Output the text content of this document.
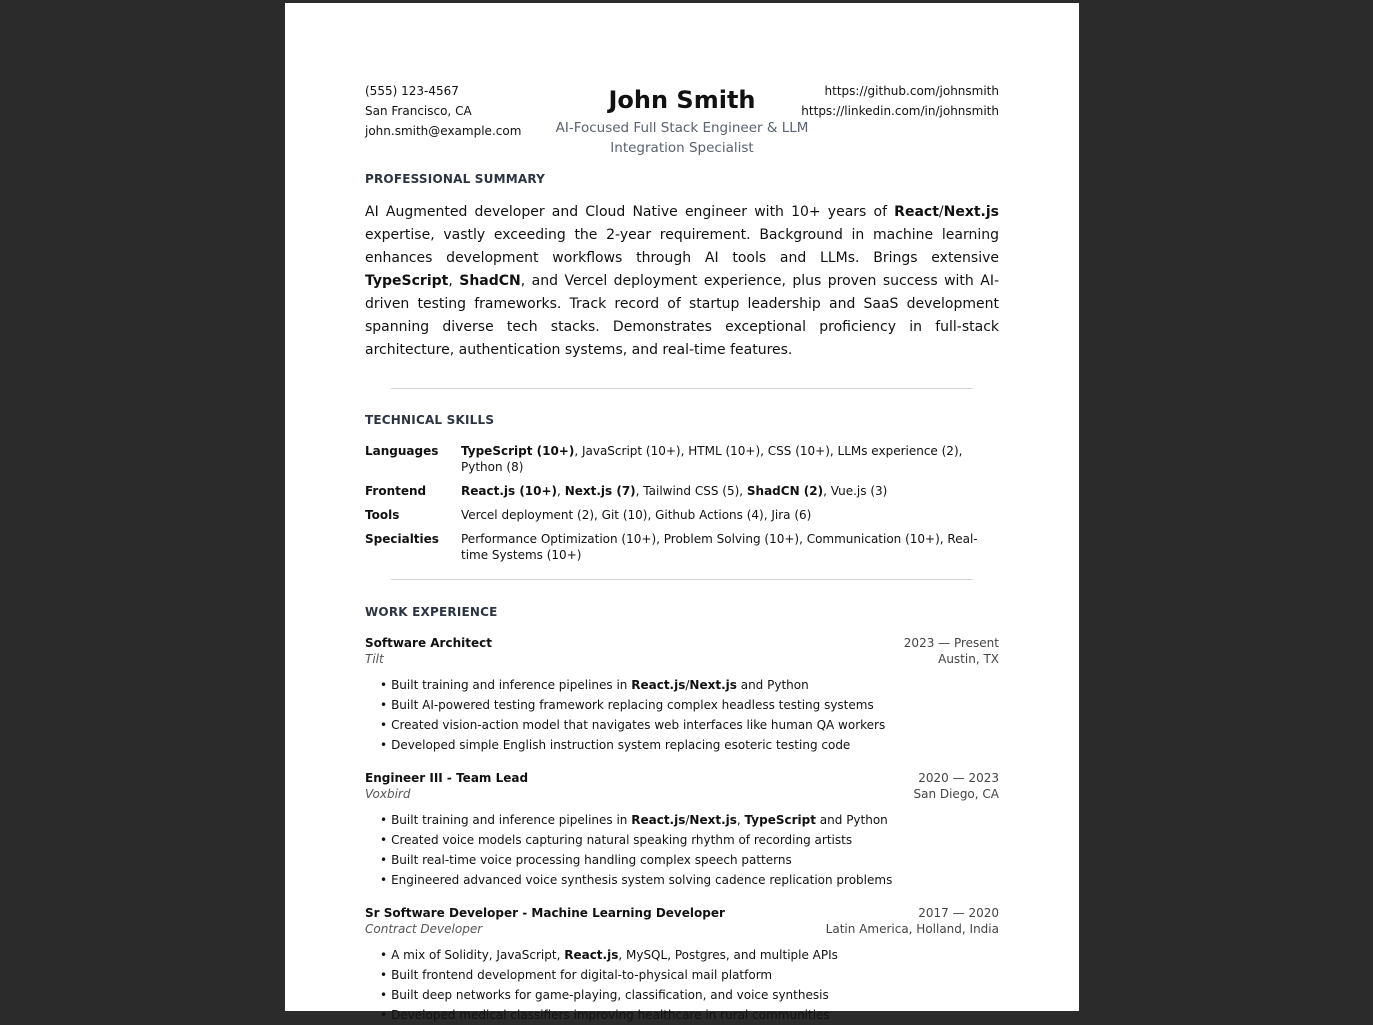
(555) 123-4567
San Francisco, CA
john.smith@example.com
John Smith
AI-Focused Full Stack Engineer & LLM
Integration Specialist
https://github.com/johnsmith
https://linkedin.com/in/johnsmith
PROFESSIONAL SUMMARY
AI Augmented developer and Cloud Native engineer with 10+ years of React/Next.js expertise, vastly exceeding the 2-year requirement. Background in machine learning enhances development workflows through AI tools and LLMs. Brings extensive TypeScript, ShadCN, and Vercel deployment experience, plus proven success with AI-driven testing frameworks. Track record of startup leadership and SaaS development spanning diverse tech stacks. Demonstrates exceptional proficiency in full-stack architecture, authentication systems, and real-time features.
TECHNICAL SKILLS
Languages	TypeScript (10+), JavaScript (10+), HTML (10+), CSS (10+), LLMs experience (2), Python (8)
Frontend	React.js (10+), Next.js (7), Tailwind CSS (5), ShadCN (2), Vue.js (3)
Tools	Vercel deployment (2), Git (10), Github Actions (4), Jira (6)
Specialties	Performance Optimization (10+), Problem Solving (10+), Communication (10+), Real-time Systems (10+)
WORK EXPERIENCE
Software Architect	2023 — Present
Tilt	Austin, TX
• Built training and inference pipelines in React.js/Next.js and Python
• Built AI-powered testing framework replacing complex headless testing systems
• Created vision-action model that navigates web interfaces like human QA workers
• Developed simple English instruction system replacing esoteric testing code
Engineer III - Team Lead	2020 — 2023
Voxbird	San Diego, CA
• Built training and inference pipelines in React.js/Next.js, TypeScript and Python
• Created voice models capturing natural speaking rhythm of recording artists
• Built real-time voice processing handling complex speech patterns
• Engineered advanced voice synthesis system solving cadence replication problems
Sr Software Developer - Machine Learning Developer	2017 — 2020
Contract Developer	Latin America, Holland, India
• A mix of Solidity, JavaScript, React.js, MySQL, Postgres, and multiple APIs
• Built frontend development for digital-to-physical mail platform
• Built deep networks for game-playing, classification, and voice synthesis
• Developed medical classifiers improving healthcare in rural communities
